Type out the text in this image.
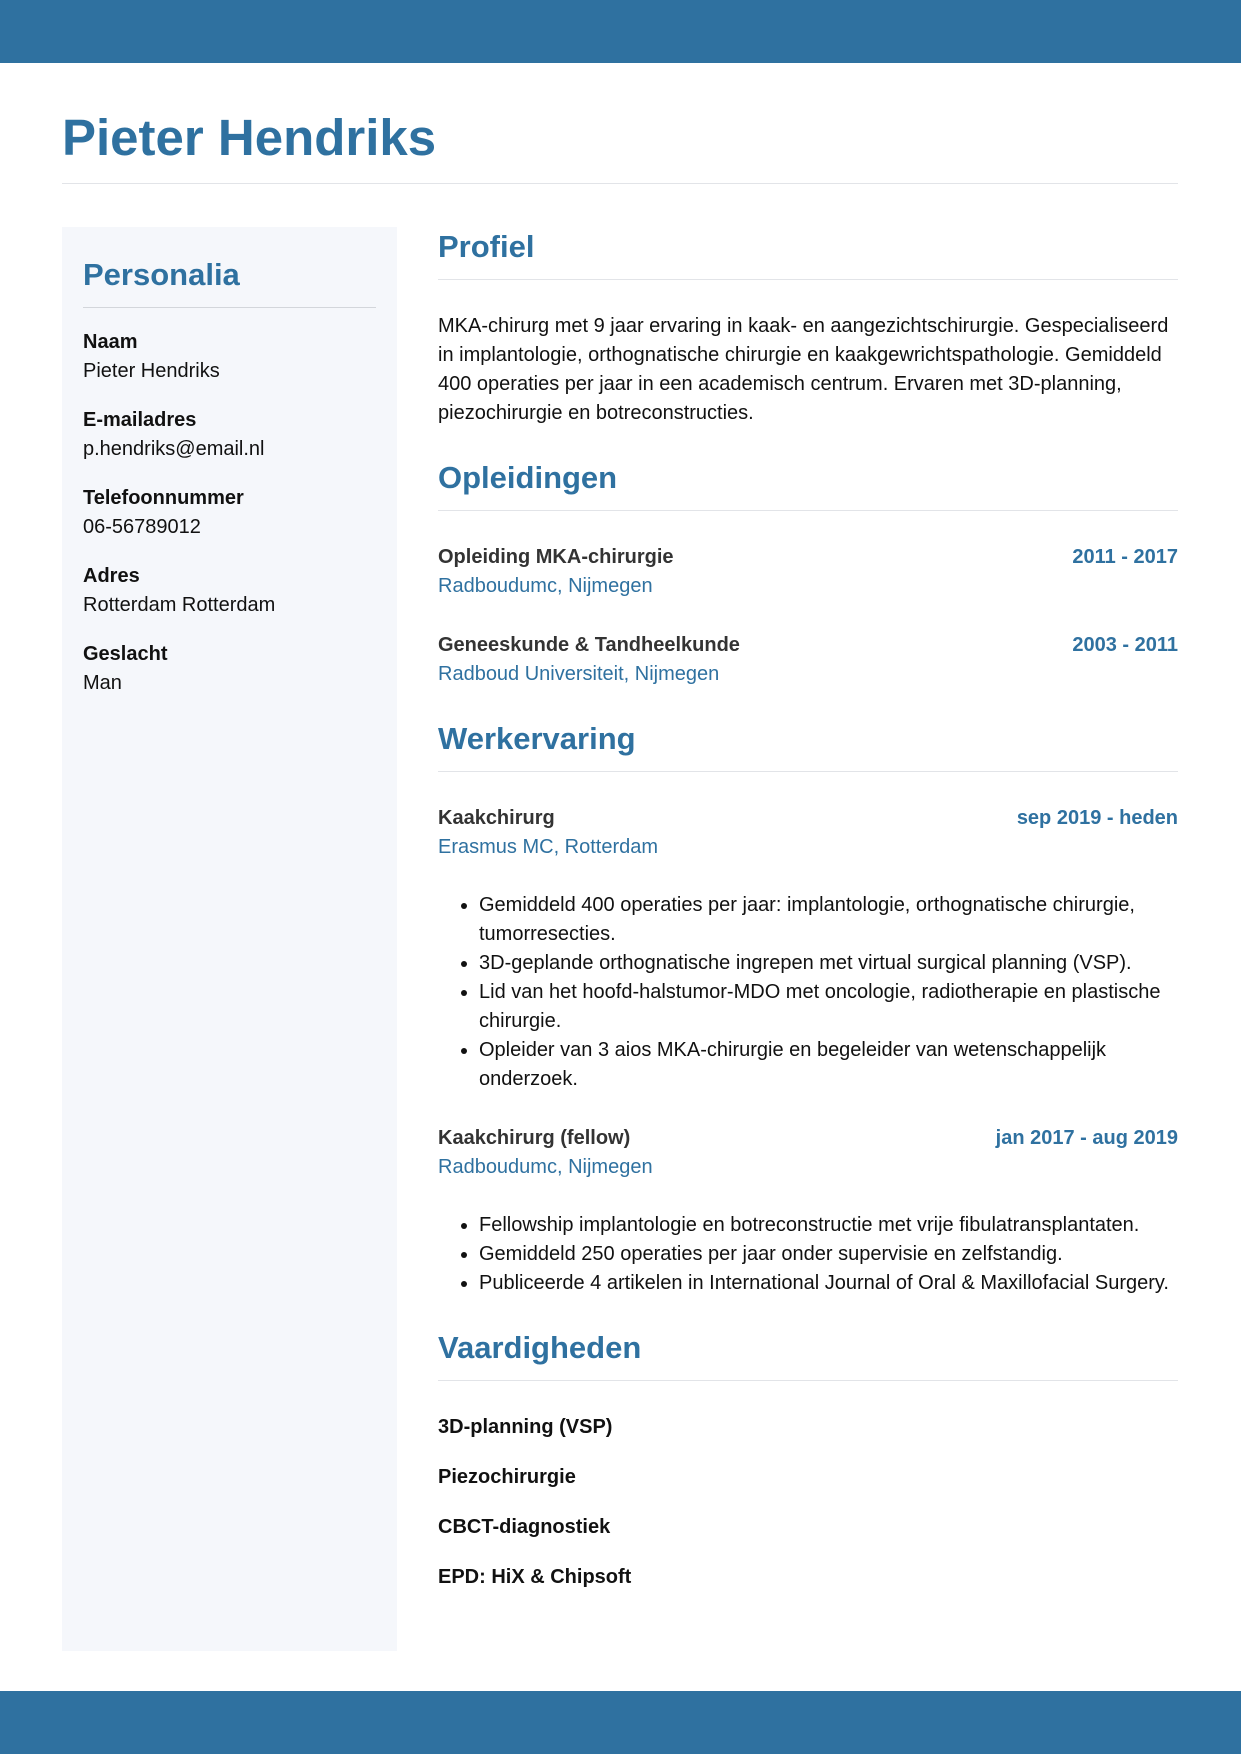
Pieter Hendriks
Personalia
Naam
Pieter Hendriks
E-mailadres
p.hendriks@email.nl
Telefoonnummer
06-56789012
Adres
Rotterdam Rotterdam
Geslacht
Man
Profiel

MKA-chirurg met 9 jaar ervaring in kaak- en aangezichtschirurgie. Gespecialiseerd in implantologie, orthognatische chirurgie en kaakgewrichtspathologie. Gemiddeld 400 operaties per jaar in een academisch centrum. Ervaren met 3D-planning, piezochirurgie en botreconstructies.

Opleidingen
Opleiding MKA-chirurgie	2011 - 2017
Radboudumc, Nijmegen
Geneeskunde & Tandheelkunde	2003 - 2011
Radboud Universiteit, Nijmegen
Werkervaring
Kaakchirurg	sep 2019 - heden
Erasmus MC, Rotterdam
• Gemiddeld 400 operaties per jaar: implantologie, orthognatische chirurgie, tumorresecties.
• 3D-geplande orthognatische ingrepen met virtual surgical planning (VSP).
• Lid van het hoofd-halstumor-MDO met oncologie, radiotherapie en plastische chirurgie.
• Opleider van 3 aios MKA-chirurgie en begeleider van wetenschappelijk onderzoek.
Kaakchirurg (fellow)	jan 2017 - aug 2019
Radboudumc, Nijmegen
• Fellowship implantologie en botreconstructie met vrije fibulatransplantaten.
• Gemiddeld 250 operaties per jaar onder supervisie en zelfstandig.
• Publiceerde 4 artikelen in International Journal of Oral & Maxillofacial Surgery.
Vaardigheden
3D-planning (VSP)
Piezochirurgie
CBCT-diagnostiek
EPD: HiX & Chipsoft
